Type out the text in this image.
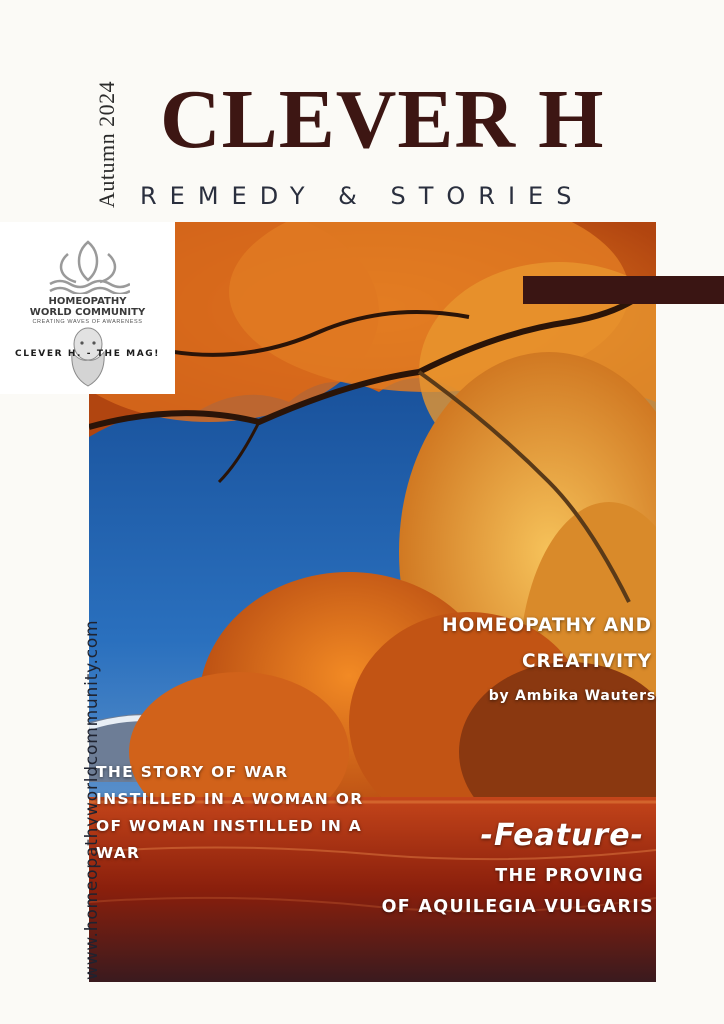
Autumn 2024 CLEVER H
REMEDY & STORIES
HOMEOPATHY
WORLD COMMUNITY
CREATING WAVES OF AWARENESS
CLEVER H. - THE MAG!
www.homeopathyworldcommunity.com	HOMEOPATHY AND
CREATIVITY
by Ambika Wauters
THE STORY OF WAR
INSTILLED IN A WOMAN OR
OF WOMAN INSTILLED IN A
WAR	-Feature-
THE PROVING
OF AQUILEGIA VULGARIS
